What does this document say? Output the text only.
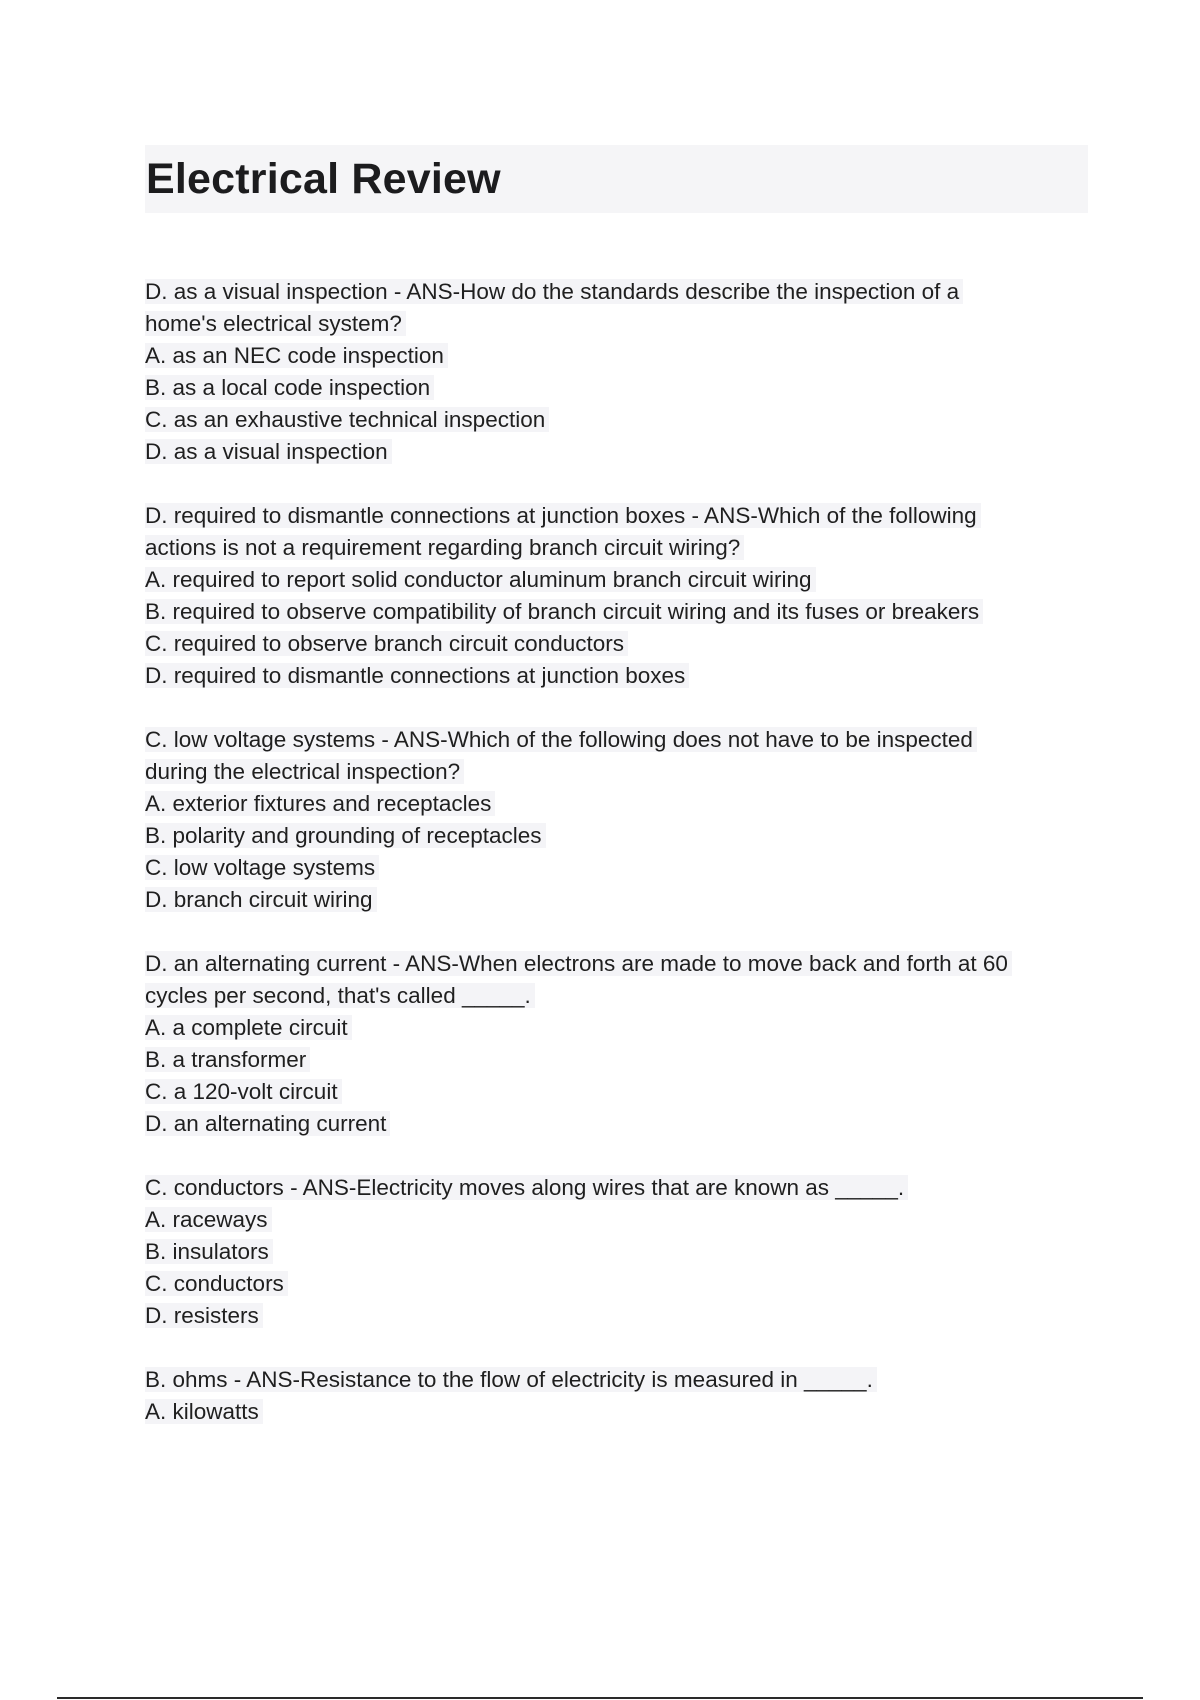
Electrical Review
D. as a visual inspection - ANS-How do the standards describe the inspection of a
home's electrical system?
A. as an NEC code inspection
B. as a local code inspection
C. as an exhaustive technical inspection
D. as a visual inspection
D. required to dismantle connections at junction boxes - ANS-Which of the following
actions is not a requirement regarding branch circuit wiring?
A. required to report solid conductor aluminum branch circuit wiring
B. required to observe compatibility of branch circuit wiring and its fuses or breakers
C. required to observe branch circuit conductors
D. required to dismantle connections at junction boxes
C. low voltage systems - ANS-Which of the following does not have to be inspected
during the electrical inspection?
A. exterior fixtures and receptacles
B. polarity and grounding of receptacles
C. low voltage systems
D. branch circuit wiring
D. an alternating current - ANS-When electrons are made to move back and forth at 60
cycles per second, that's called _____.
A. a complete circuit
B. a transformer
C. a 120-volt circuit
D. an alternating current
C. conductors - ANS-Electricity moves along wires that are known as _____.
A. raceways
B. insulators
C. conductors
D. resisters
B. ohms - ANS-Resistance to the flow of electricity is measured in _____.
A. kilowatts
